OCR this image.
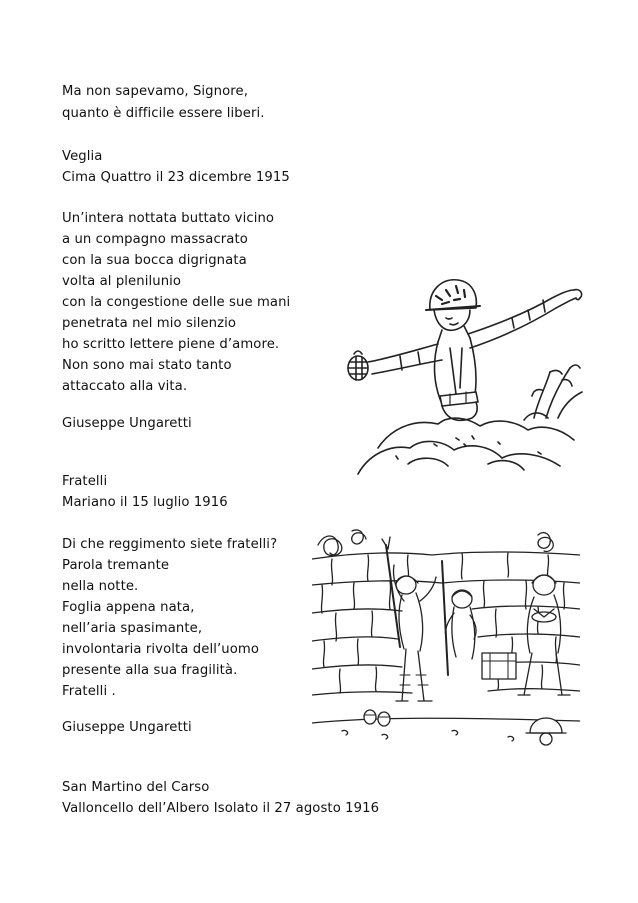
Ma non sapevamo, Signore,
quanto è difficile essere liberi.
Veglia
Cima Quattro il 23 dicembre 1915
Un’intera nottata buttato vicino
a un compagno massacrato
con la sua bocca digrignata
volta al plenilunio
con la congestione delle sue mani
penetrata nel mio silenzio
ho scritto lettere piene d’amore.
Non sono mai stato tanto
attaccato alla vita.
Giuseppe Ungaretti
Fratelli
Mariano il 15 luglio 1916
Di che reggimento siete fratelli?
Parola tremante
nella notte.
Foglia appena nata,
nell’aria spasimante,
involontaria rivolta dell’uomo
presente alla sua fragilità.
Fratelli .
Giuseppe Ungaretti
San Martino del Carso
Valloncello dell’Albero Isolato il 27 agosto 1916
